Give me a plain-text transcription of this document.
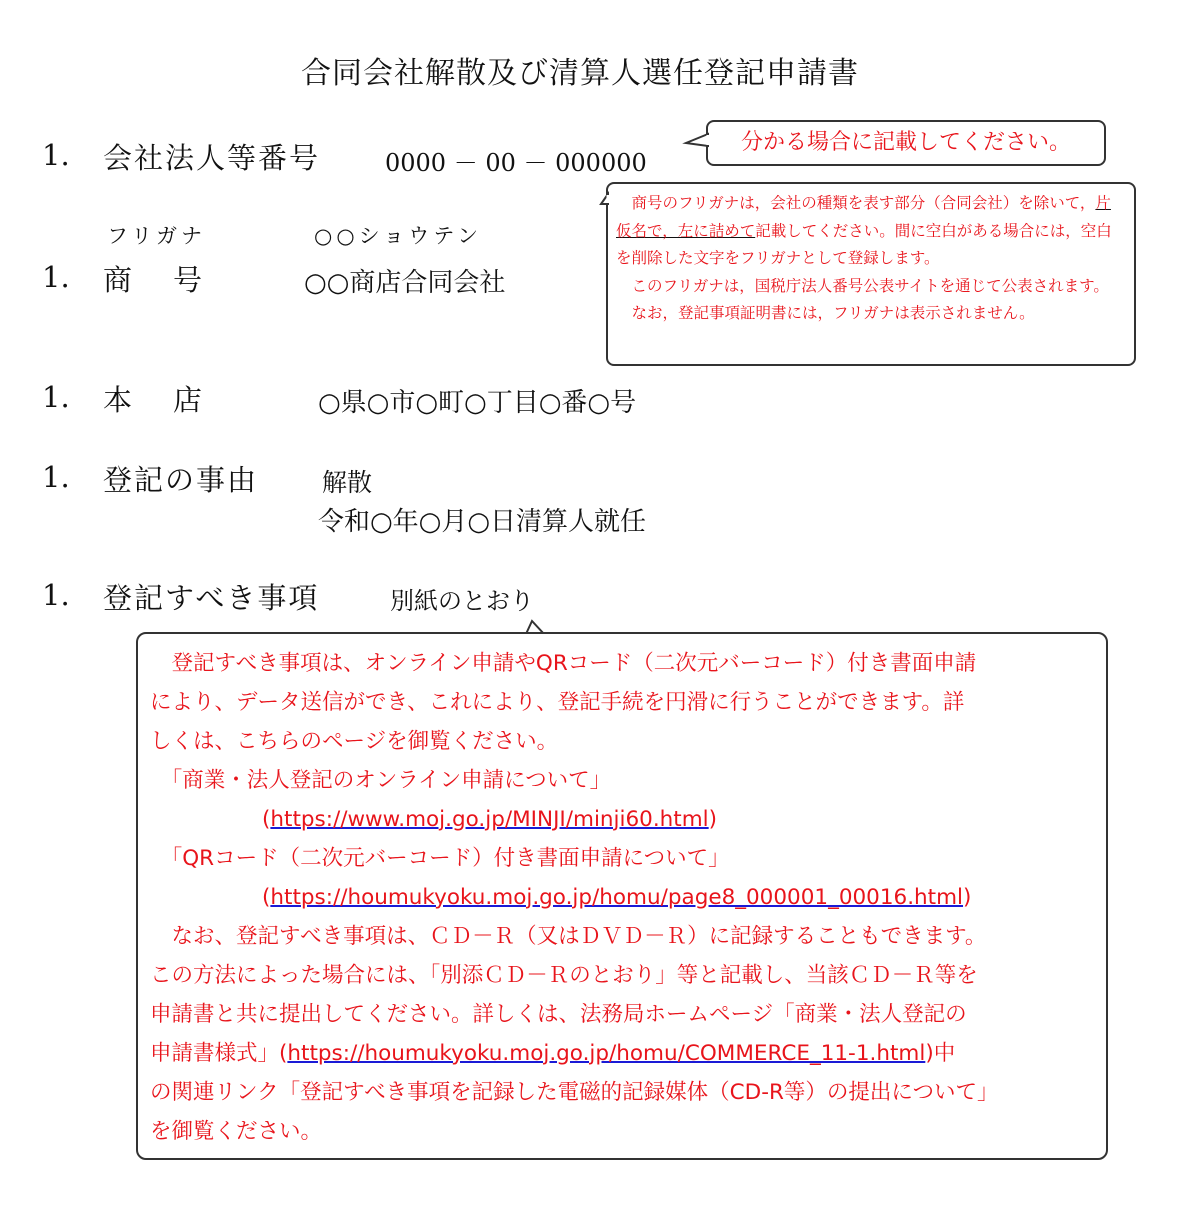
合同会社解散及び清算人選任登記申請書
1. 会社法人等番号	0000 － 00 － 000000
分かる場合に記載してください。
フリガナ	○○ショウテン
1. 商　号	○○商店合同会社
商号のフリガナは，会社の種類を表す部分（合同会社）を除いて，片仮名で，左に詰めて記載してください。間に空白がある場合には，空白を削除した文字をフリガナとして登録します。
このフリガナは，国税庁法人番号公表サイトを通じて公表されます。
なお，登記事項証明書には，フリガナは表示されません。
1. 本　店	○県○市○町○丁目○番○号
1. 登記の事由	解散
令和○年○月○日清算人就任
1. 登記すべき事項	別紙のとおり
　登記すべき事項は、オンライン申請やQRコード（二次元バーコード）付き書面申請
により、データ送信ができ、これにより、登記手続を円滑に行うことができます。詳
しくは、こちらのページを御覧ください。
　「商業・法人登記のオンライン申請について」
(https://www.moj.go.jp/MINJI/minji60.html)
　「QRコード（二次元バーコード）付き書面申請について」
(https://houmukyoku.moj.go.jp/homu/page8_000001_00016.html)
　なお、登記すべき事項は、ＣＤ－Ｒ（又はＤＶＤ－Ｒ）に記録することもできます。
この方法によった場合には、「別添ＣＤ－Ｒのとおり」等と記載し、当該ＣＤ－Ｒ等を
申請書と共に提出してください。詳しくは、法務局ホームページ「商業・法人登記の
申請書様式」(https://houmukyoku.moj.go.jp/homu/COMMERCE_11-1.html)中
の関連リンク「登記すべき事項を記録した電磁的記録媒体（CD-R等）の提出について」
を御覧ください。
